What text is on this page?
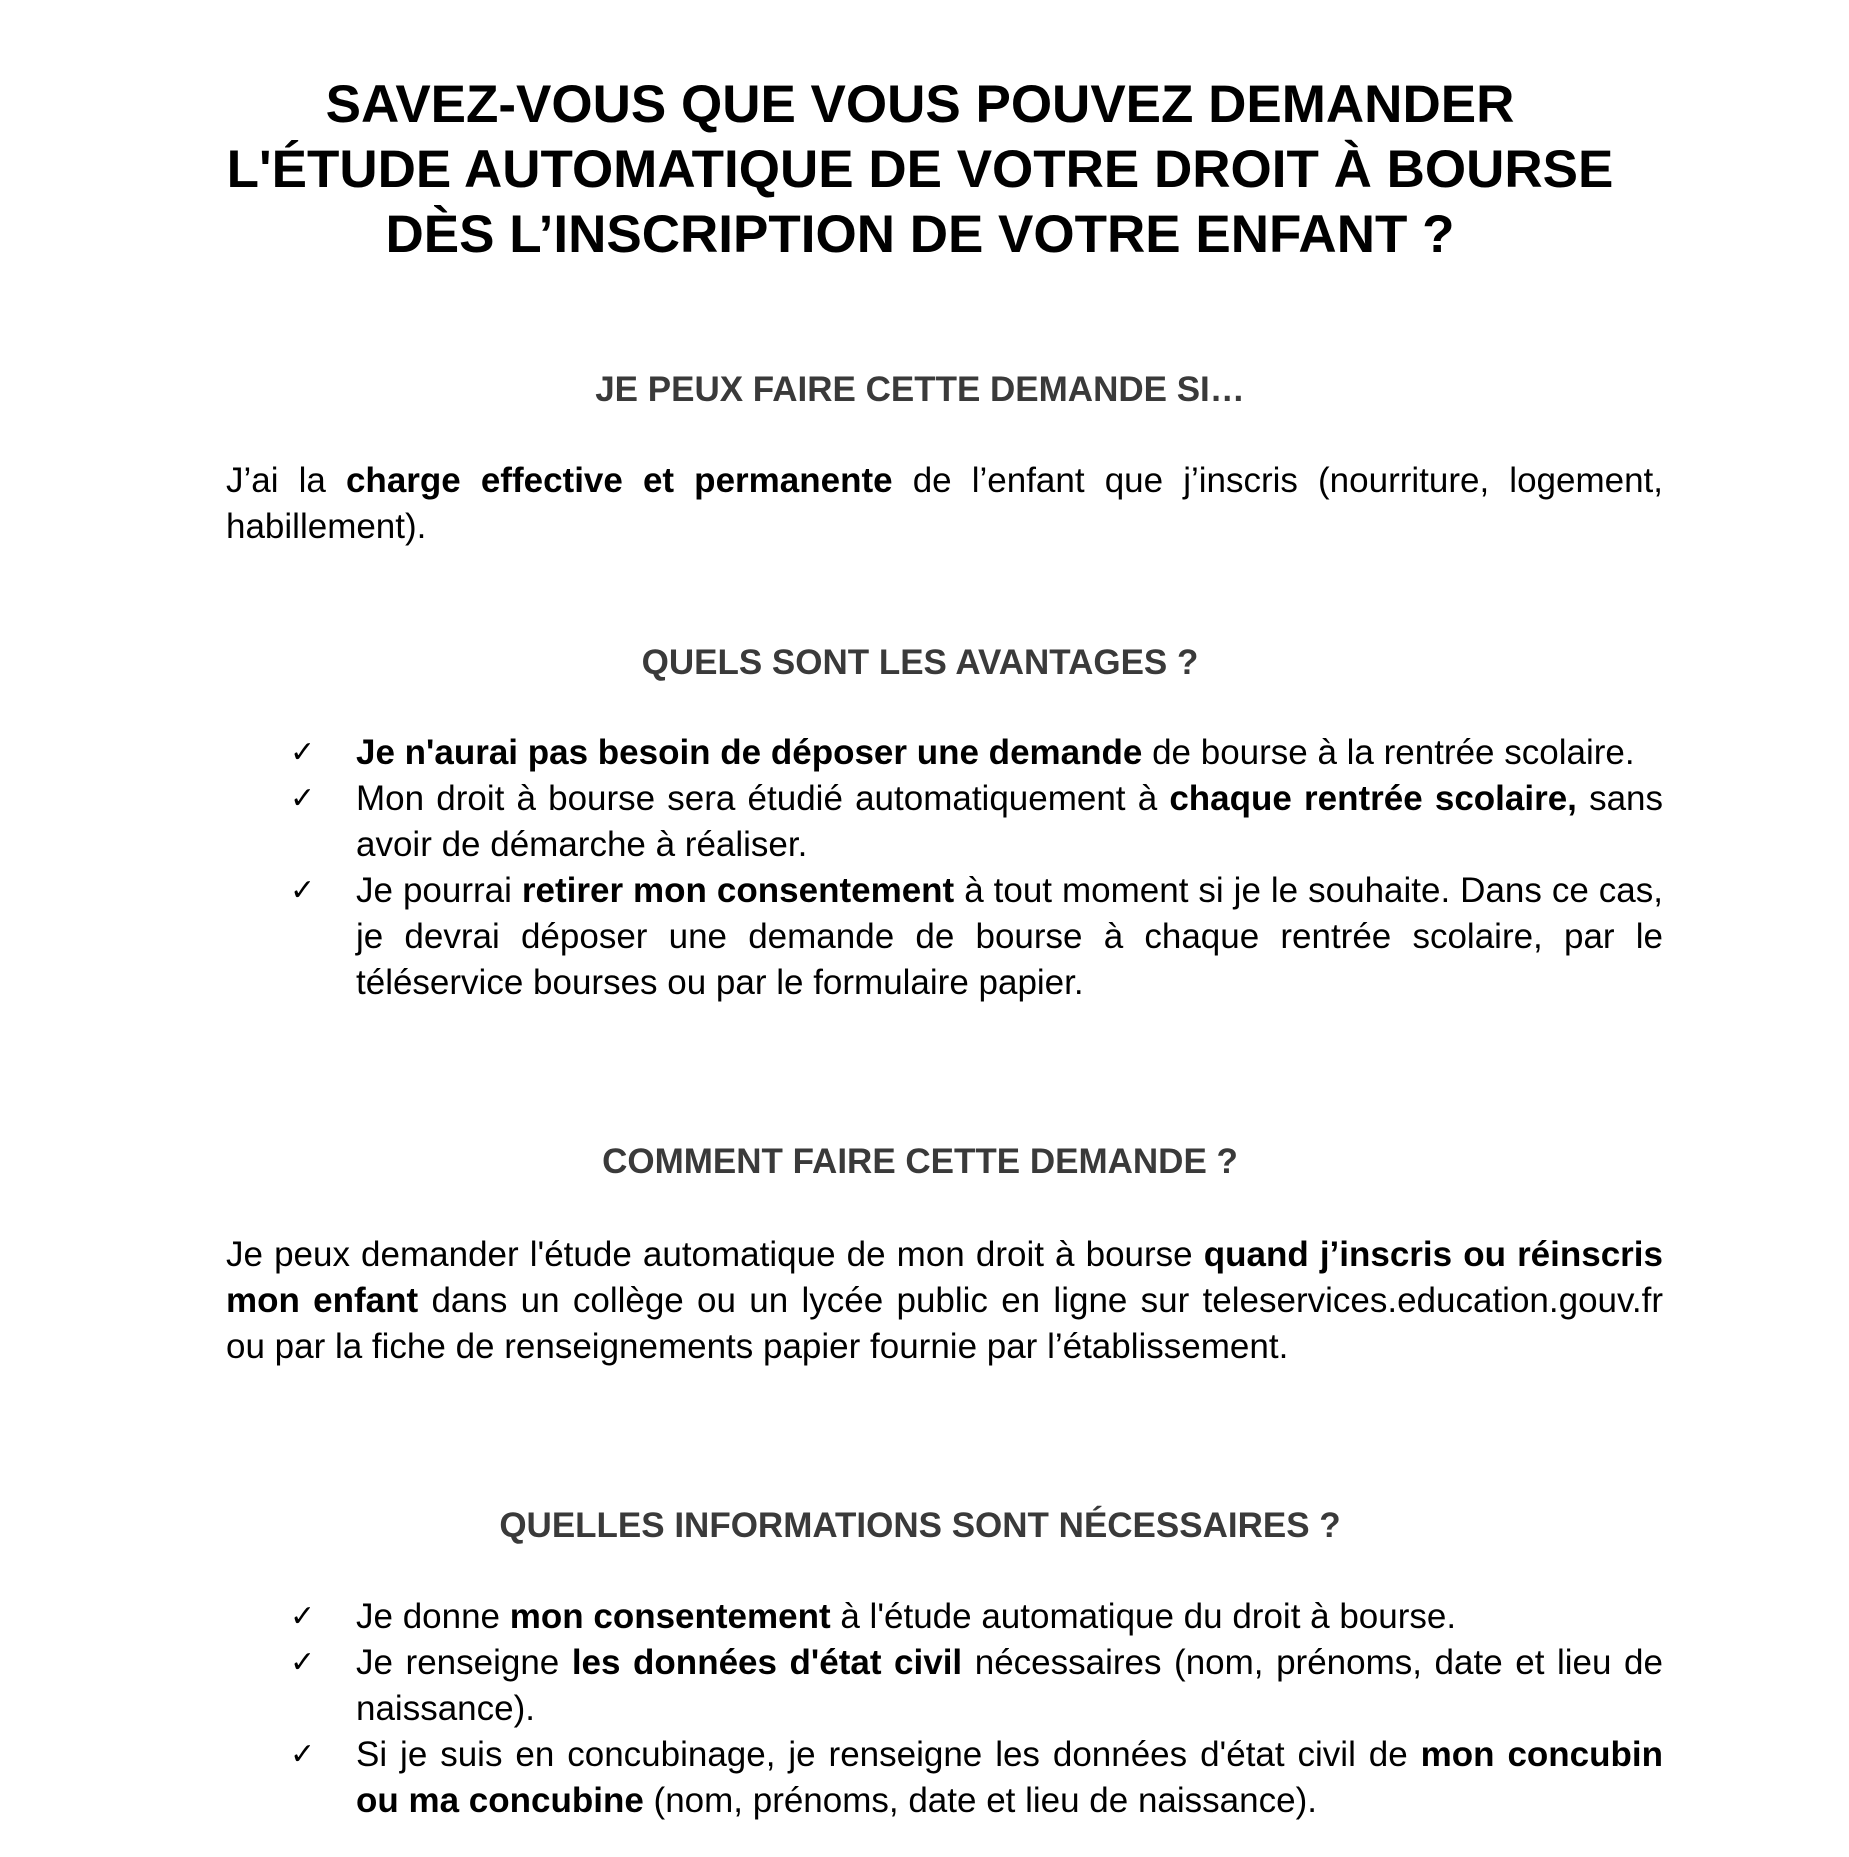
SAVEZ-VOUS QUE VOUS POUVEZ DEMANDER
L'ÉTUDE AUTOMATIQUE DE VOTRE DROIT À BOURSE
DÈS L’INSCRIPTION DE VOTRE ENFANT ?
JE PEUX FAIRE CETTE DEMANDE SI…

J’ai la charge effective et permanente de l’enfant que j’inscris (nourriture, logement, habillement).

QUELS SONT LES AVANTAGES ?
✓	Je n'aurai pas besoin de déposer une demande de bourse à la rentrée scolaire.
✓	Mon droit à bourse sera étudié automatiquement à chaque rentrée scolaire, sans avoir de démarche à réaliser.
✓	Je pourrai retirer mon consentement à tout moment si je le souhaite. Dans ce cas, je devrai déposer une demande de bourse à chaque rentrée scolaire, par le téléservice bourses ou par le formulaire papier.
COMMENT FAIRE CETTE DEMANDE ?

Je peux demander l'étude automatique de mon droit à bourse quand j’inscris ou réinscris mon enfant dans un collège ou un lycée public en ligne sur teleservices.education.gouv.fr ou par la fiche de renseignements papier fournie par l’établissement.

QUELLES INFORMATIONS SONT NÉCESSAIRES ?
✓	Je donne mon consentement à l'étude automatique du droit à bourse.
✓	Je renseigne les données d'état civil nécessaires (nom, prénoms, date et lieu de naissance).
✓	Si je suis en concubinage, je renseigne les données d'état civil de mon concubin ou ma concubine (nom, prénoms, date et lieu de naissance).
